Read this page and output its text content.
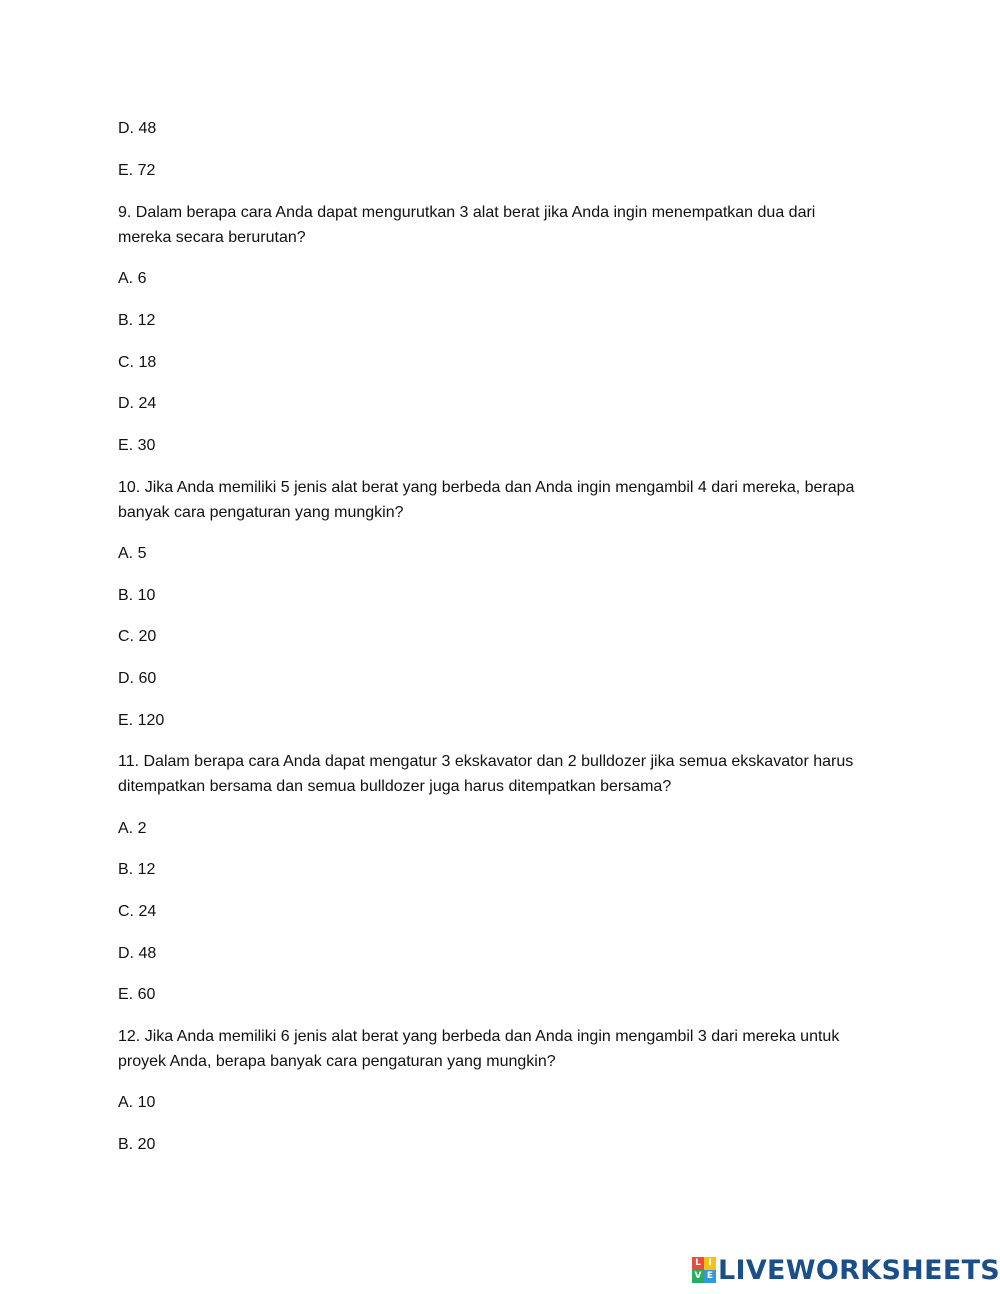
D. 48
E. 72
9. Dalam berapa cara Anda dapat mengurutkan 3 alat berat jika Anda ingin menempatkan dua dari
mereka secara berurutan?
A. 6
B. 12
C. 18
D. 24
E. 30
10. Jika Anda memiliki 5 jenis alat berat yang berbeda dan Anda ingin mengambil 4 dari mereka, berapa
banyak cara pengaturan yang mungkin?
A. 5
B. 10
C. 20
D. 60
E. 120
11. Dalam berapa cara Anda dapat mengatur 3 ekskavator dan 2 bulldozer jika semua ekskavator harus
ditempatkan bersama dan semua bulldozer juga harus ditempatkan bersama?
A. 2
B. 12
C. 24
D. 48
E. 60
12. Jika Anda memiliki 6 jenis alat berat yang berbeda dan Anda ingin mengambil 3 dari mereka untuk
proyek Anda, berapa banyak cara pengaturan yang mungkin?
A. 10
B. 20
L I
V E LIVEWORKSHEETS
